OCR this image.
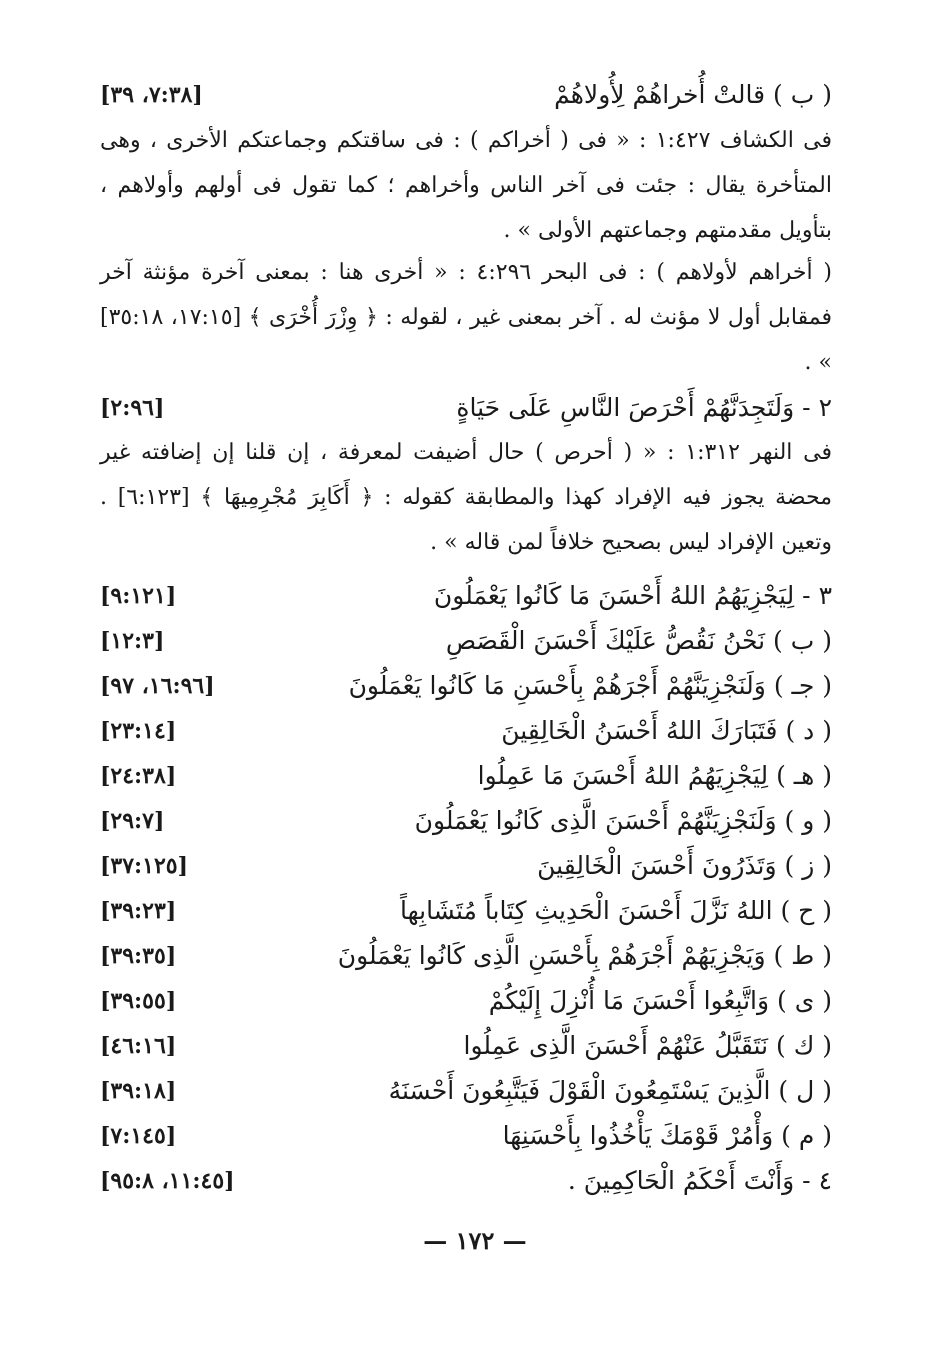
( ب ) قالتْ أُخراهُمْ لِأُولاهُمْ
[٧:٣٨، ٣٩]
فى الكشاف ١:٤٢٧ : « فى ( أخراكم ) : فى ساقتكم وجماعتكم الأخرى ، وهى المتأخرة يقال : جئت فى آخر الناس وأخراهم ؛ كما تقول فى أولهم وأولاهم ، بتأويل مقدمتهم وجماعتهم الأولى » .
( أخراهم لأولاهم ) : فى البحر ٤:٢٩٦ : « أخرى هنا : بمعنى آخرة مؤنثة آخر فمقابل أول لا مؤنث له . آخر بمعنى غير ، لقوله : ﴿ وِزْرَ أُخْرَى ﴾ [١٧:١٥، ٣٥:١٨] » .
٢ - وَلَتَجِدَنَّهُمْ أَحْرَصَ النَّاسِ عَلَى حَيَاةٍ
[٢:٩٦]
فى النهر ١:٣١٢ : « ( أحرص ) حال أضيفت لمعرفة ، إن قلنا إن إضافته غير محضة يجوز فيه الإفراد كهذا والمطابقة كقوله : ﴿ أَكَابِرَ مُجْرِمِيهَا ﴾ [٦:١٢٣] . وتعين الإفراد ليس بصحيح خلافاً لمن قاله » .
٣ - لِيَجْزِيَهُمُ اللهُ أَحْسَنَ مَا كَانُوا يَعْمَلُونَ
[٩:١٢١]
( ب ) نَحْنُ نَقُصُّ عَلَيْكَ أَحْسَنَ الْقَصَصِ
[١٢:٣]
( جـ ) وَلَنَجْزِيَنَّهُمْ أَجْرَهُمْ بِأَحْسَنِ مَا كَانُوا يَعْمَلُونَ
[١٦:٩٦، ٩٧]
( د ) فَتَبَارَكَ اللهُ أَحْسَنُ الْخَالِقِينَ
[٢٣:١٤]
( هـ ) لِيَجْزِيَهُمُ اللهُ أَحْسَنَ مَا عَمِلُوا
[٢٤:٣٨]
( و ) وَلَنَجْزِيَنَّهُمْ أَحْسَنَ الَّذِى كَانُوا يَعْمَلُونَ
[٢٩:٧]
( ز ) وَتَذَرُونَ أَحْسَنَ الْخَالِقِينَ
[٣٧:١٢٥]
( ح ) اللهُ نَزَّلَ أَحْسَنَ الْحَدِيثِ كِتَاباً مُتَشَابِهاً
[٣٩:٢٣]
( ط ) وَيَجْزِيَهُمْ أَجْرَهُمْ بِأَحْسَنِ الَّذِى كَانُوا يَعْمَلُونَ
[٣٩:٣٥]
( ى ) وَاتَّبِعُوا أَحْسَنَ مَا أُنْزِلَ إِلَيْكُمْ
[٣٩:٥٥]
( ك ) نَتَقَبَّلُ عَنْهُمْ أَحْسَنَ الَّذِى عَمِلُوا
[٤٦:١٦]
( ل ) الَّذِينَ يَسْتَمِعُونَ الْقَوْلَ فَيَتَّبِعُونَ أَحْسَنَهُ
[٣٩:١٨]
( م ) وَأْمُرْ قَوْمَكَ يَأْخُذُوا بِأَحْسَنِهَا
[٧:١٤٥]
٤ - وَأَنْتَ أَحْكَمُ الْحَاكِمِينَ .
[١١:٤٥، ٩٥:٨]
— ١٧٢ —
